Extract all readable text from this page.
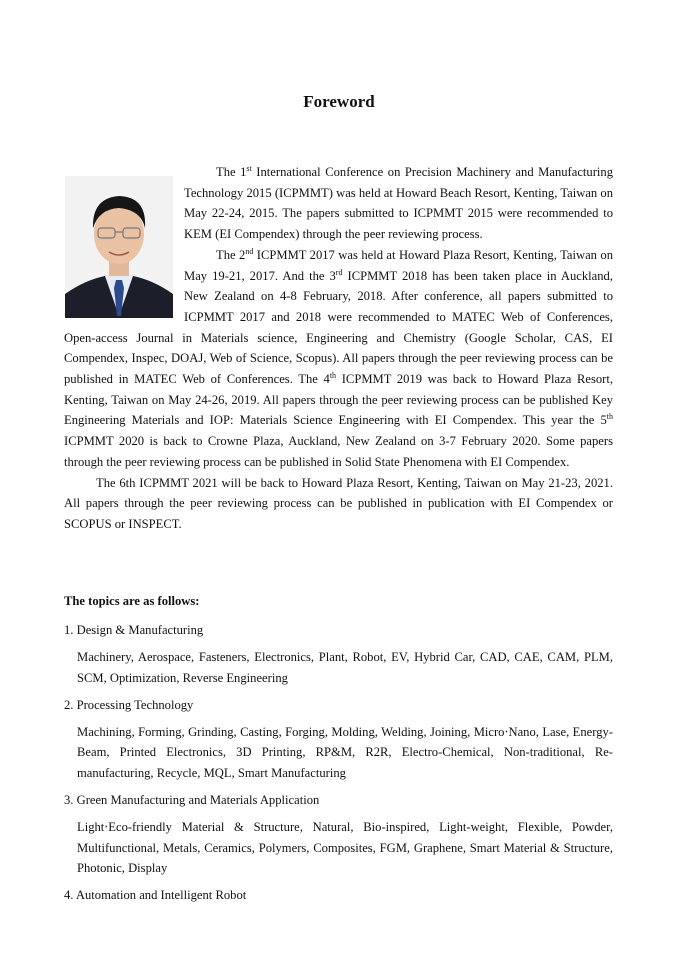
Foreword

The 1st International Conference on Precision Machinery and Manufacturing Technology 2015 (ICPMMT) was held at Howard Beach Resort, Kenting, Taiwan on May 22-24, 2015. The papers submitted to ICPMMT 2015 were recommended to KEM (EI Compendex) through the peer reviewing process.

The 2nd ICPMMT 2017 was held at Howard Plaza Resort, Kenting, Taiwan on May 19-21, 2017. And the 3rd ICPMMT 2018 has been taken place in Auckland, New Zealand on 4-8 February, 2018. After conference, all papers submitted to ICPMMT 2017 and 2018 were recommended to MATEC Web of Conferences, Open-access Journal in Materials science, Engineering and Chemistry (Google Scholar, CAS, EI Compendex, Inspec, DOAJ, Web of Science, Scopus). All papers through the peer reviewing process can be published in MATEC Web of Conferences. The 4th ICPMMT 2019 was back to Howard Plaza Resort, Kenting, Taiwan on May 24-26, 2019. All papers through the peer reviewing process can be published Key Engineering Materials and IOP: Materials Science Engineering with EI Compendex. This year the 5th ICPMMT 2020 is back to Crowne Plaza, Auckland, New Zealand on 3-7 February 2020. Some papers through the peer reviewing process can be published in Solid State Phenomena with EI Compendex.

The 6th ICPMMT 2021 will be back to Howard Plaza Resort, Kenting, Taiwan on May 21-23, 2021. All papers through the peer reviewing process can be published in publication with EI Compendex or SCOPUS or INSPECT.

The topics are as follows:
1. Design & Manufacturing
Machinery, Aerospace, Fasteners, Electronics, Plant, Robot, EV, Hybrid Car, CAD, CAE, CAM, PLM, SCM, Optimization, Reverse Engineering
2. Processing Technology
Machining, Forming, Grinding, Casting, Forging, Molding, Welding, Joining, Micro‧Nano, Lase, Energy-Beam, Printed Electronics, 3D Printing, RP&M, R2R, Electro-Chemical, Non-traditional, Re-manufacturing, Recycle, MQL, Smart Manufacturing
3. Green Manufacturing and Materials Application
Light‧Eco-friendly Material & Structure, Natural, Bio-inspired, Light-weight, Flexible, Powder, Multifunctional, Metals, Ceramics, Polymers, Composites, FGM, Graphene, Smart Material & Structure, Photonic, Display
4. Automation and Intelligent Robot
